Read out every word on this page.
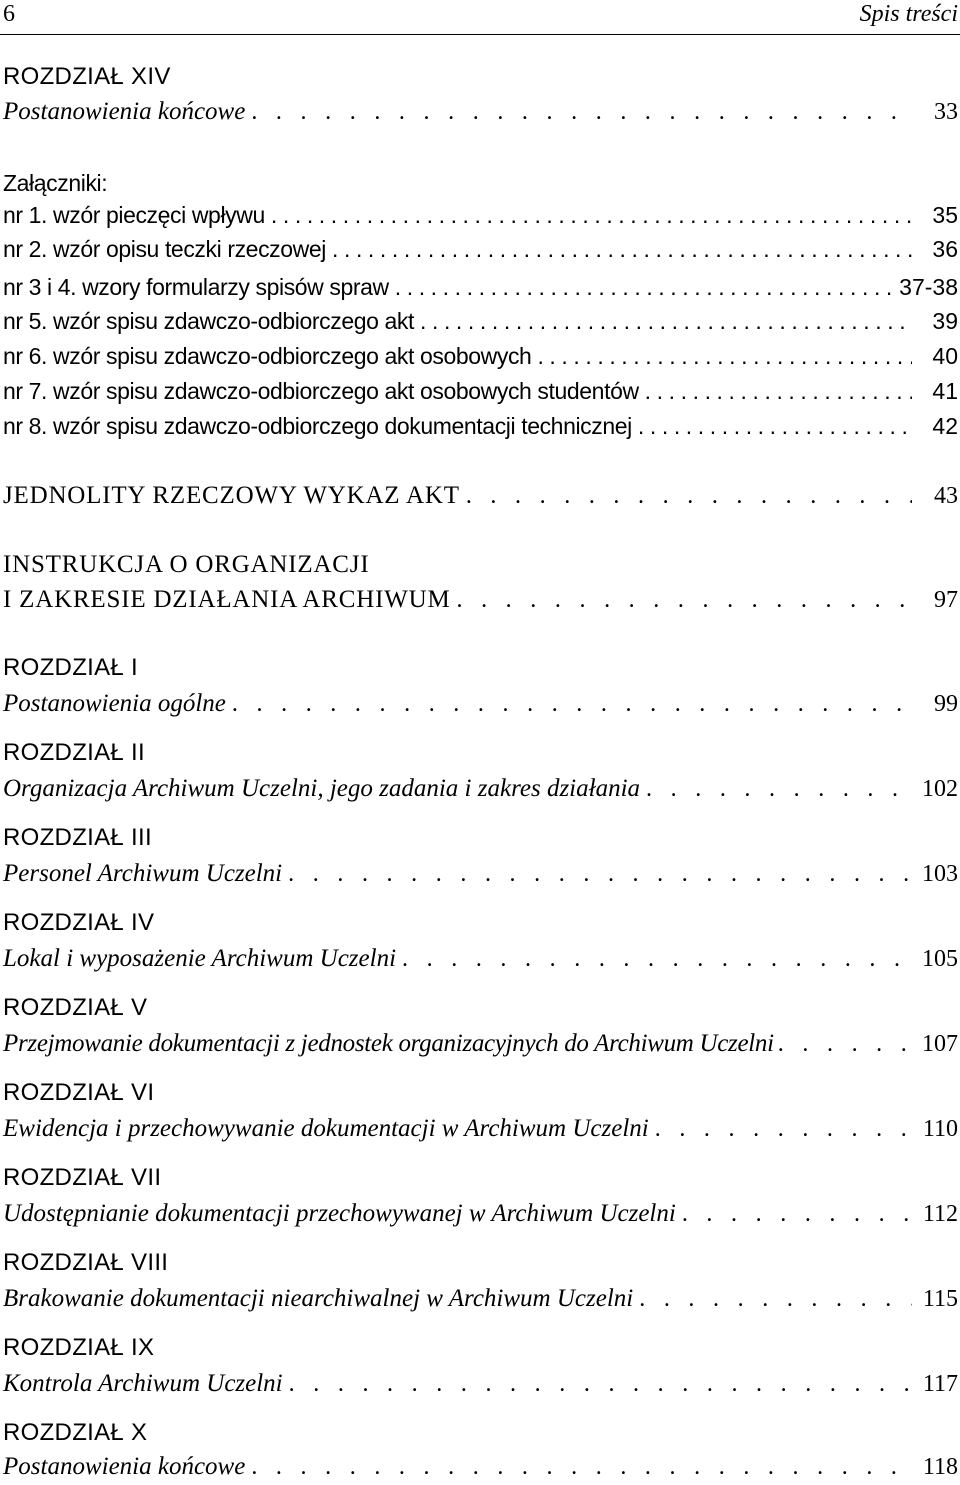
6	Spis treści
ROZDZIAŁ XIV
Postanowienia końcowe . . .	33
Załączniki:
nr 1. wzór pieczęci wpływu . . .	35
nr 2. wzór opisu teczki rzeczowej . . .	36
nr 3 i 4. wzory formularzy spisów spraw . . .	37-38
nr 5. wzór spisu zdawczo-odbiorczego akt . . .	39
nr 6. wzór spisu zdawczo-odbiorczego akt osobowych . . .	40
nr 7. wzór spisu zdawczo-odbiorczego akt osobowych studentów . . .	41
nr 8. wzór spisu zdawczo-odbiorczego dokumentacji technicznej . . .	42
JEDNOLITY RZECZOWY WYKAZ AKT . . .	43
INSTRUKCJA O ORGANIZACJI
I ZAKRESIE DZIAŁANIA ARCHIWUM . . .	97
ROZDZIAŁ I
Postanowienia ogólne . . .	99
ROZDZIAŁ II
Organizacja Archiwum Uczelni, jego zadania i zakres działania . . .	102
ROZDZIAŁ III
Personel Archiwum Uczelni . . .	103
ROZDZIAŁ IV
Lokal i wyposażenie Archiwum Uczelni . . .	105
ROZDZIAŁ V
Przejmowanie dokumentacji z jednostek organizacyjnych do Archiwum Uczelni . . .	107
ROZDZIAŁ VI
Ewidencja i przechowywanie dokumentacji w Archiwum Uczelni . . .	110
ROZDZIAŁ VII
Udostępnianie dokumentacji przechowywanej w Archiwum Uczelni . . .	112
ROZDZIAŁ VIII
Brakowanie dokumentacji niearchiwalnej w Archiwum Uczelni . . .	115
ROZDZIAŁ IX
Kontrola Archiwum Uczelni . . .	117
ROZDZIAŁ X
Postanowienia końcowe . . .	118
